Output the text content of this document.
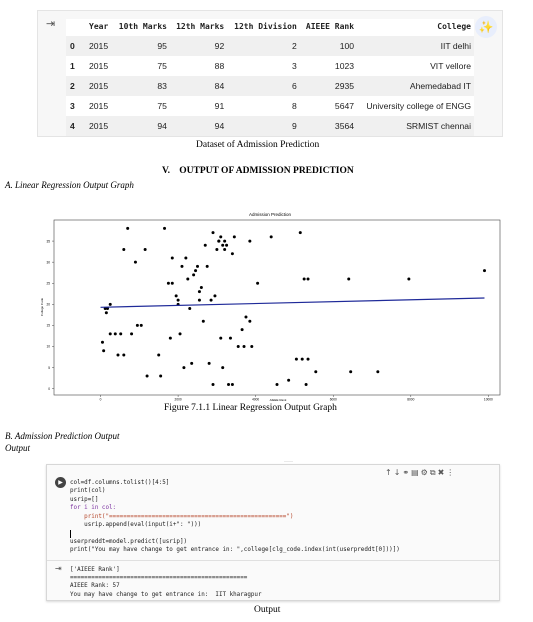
⇥	✨
	Year	10th Marks	12th Marks	12th Division	AIEEE Rank	College
0	2015	95	92	2	100	IIT delhi
1	2015	75	88	3	1023	VIT vellore
2	2015	83	84	6	2935	Ahemedabad IT
3	2015	75	91	8	5647	University college of ENGG
4	2015	94	94	9	3564	SRMIST chennai
Dataset of Admission Prediction
V. OUTPUT OF ADMISSION PREDICTION
A. Linear Regression Output Graph
Admission Prediction
0
5
10
15
20
25
30
35
0	2000	4000	6000	8000	10000
College Code
AIEEE Rank
Figure 7.1.1 Linear Regression Output Graph
B. Admission Prediction Output
Output
―――
↑↓⚭▤⚙⧉✖⋮
▶ col=df.columns.tolist()[4:5]
print(col)
usrip=[]
for i in col:
print("==================================================")
usrip.append(eval(input(i+": ")))
userpreddt=model.predict([usrip])
print("You may have change to get entrance in: ",college[clg_code.index(int(userpreddt[0]))])
⇥ ['AIEEE Rank']
==================================================
AIEEE Rank: 57
You may have change to get entrance in:  IIT kharagpur
Output
